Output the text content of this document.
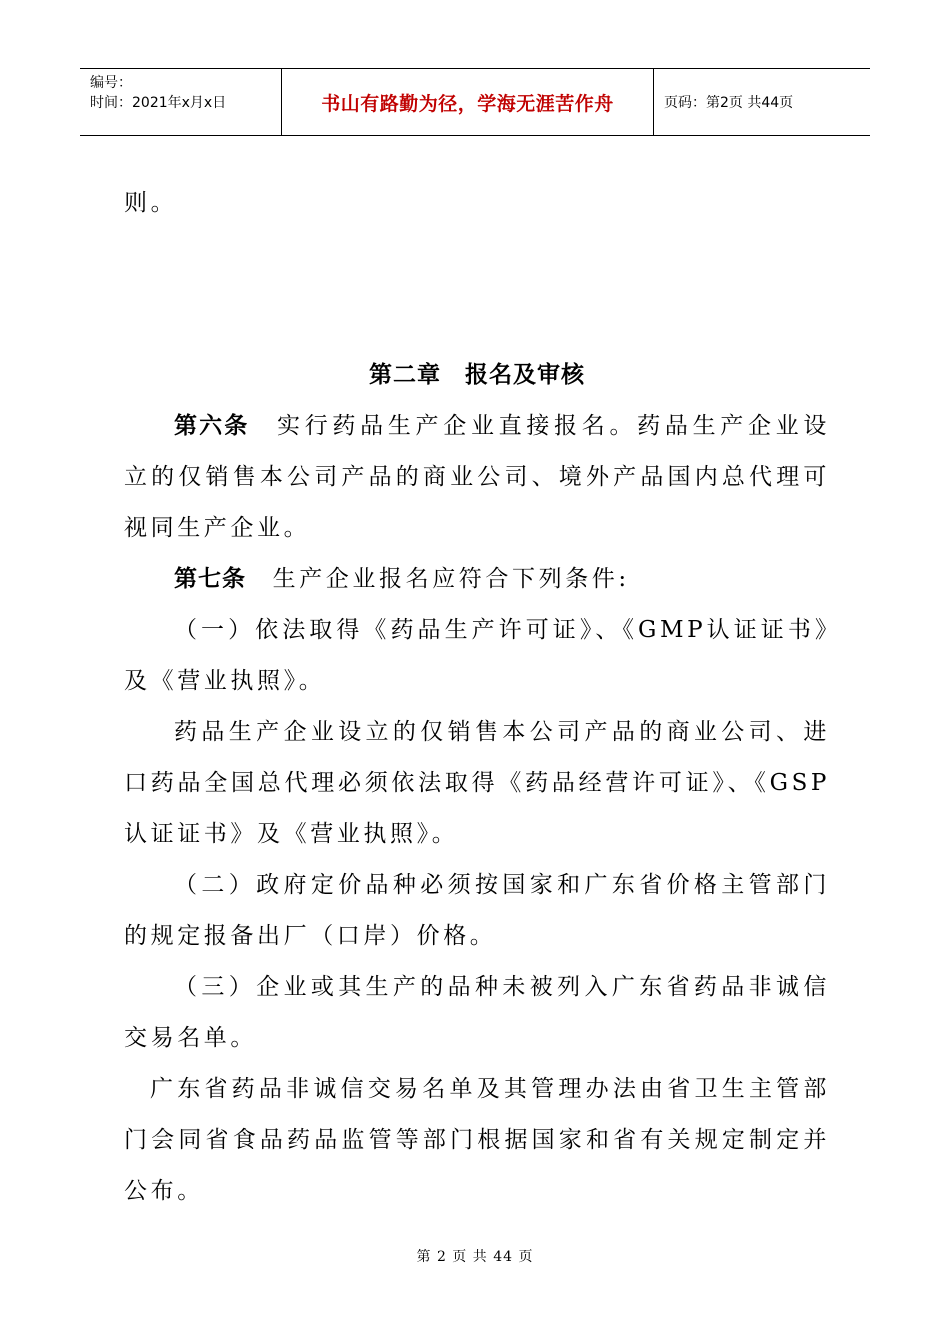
编号：
时间：2021年x月x日	书山有路勤为径，学海无涯苦作舟	页码：第2页 共44页

则。

第二章　报名及审核

第六条　实行药品生产企业直接报名。药品生产企业设立的仅销售本公司产品的商业公司、境外产品国内总代理可视同生产企业。

第七条　生产企业报名应符合下列条件:

（一）依法取得《药品生产许可证》、《GMP认证证书》及《营业执照》。

药品生产企业设立的仅销售本公司产品的商业公司、进口药品全国总代理必须依法取得《药品经营许可证》、《GSP认证证书》及《营业执照》。

（二）政府定价品种必须按国家和广东省价格主管部门的规定报备出厂（口岸）价格。

（三）企业或其生产的品种未被列入广东省药品非诚信交易名单。

广东省药品非诚信交易名单及其管理办法由省卫生主管部门会同省食品药品监管等部门根据国家和省有关规定制定并公布。

第 2 页 共 44 页
